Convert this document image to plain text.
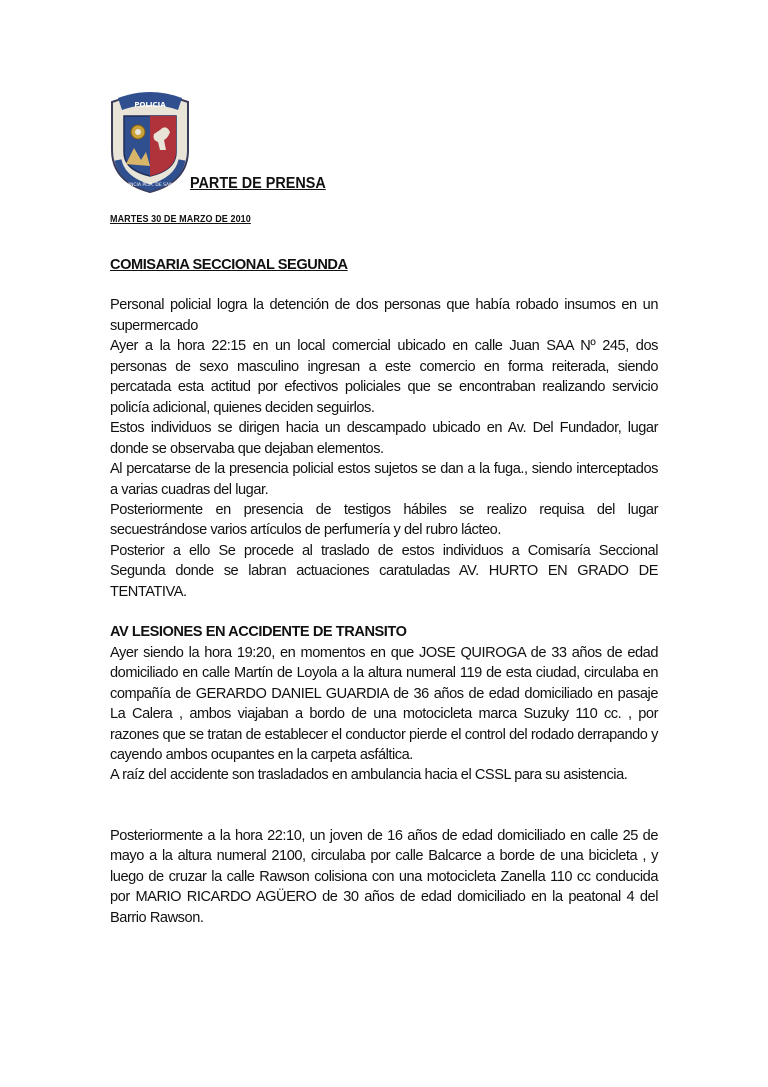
POLICIA
PROVINCIA PCIA. DE SAN LUIS PARTE DE PRENSA

MARTES 30 DE MARZO DE 2010

COMISARIA SECCIONAL SEGUNDA

Personal policial logra la detención de dos personas que había robado insumos en un supermercado

Ayer a la hora 22:15 en un local comercial ubicado en calle Juan SAA Nº 245, dos personas de sexo masculino ingresan a este comercio en forma reiterada, siendo percatada esta actitud por efectivos policiales que se encontraban realizando servicio policía adicional, quienes deciden seguirlos.

Estos individuos se dirigen hacia un descampado ubicado en Av. Del Fundador, lugar donde se observaba que dejaban elementos.

Al percatarse de la presencia policial estos sujetos se dan a la fuga., siendo interceptados a varias cuadras del lugar.

Posteriormente en presencia de testigos hábiles se realizo requisa del lugar secuestrándose varios artículos de perfumería y del rubro lácteo.

Posterior a ello Se procede al traslado de estos individuos a Comisaría Seccional Segunda donde se labran actuaciones caratuladas AV. HURTO EN GRADO DE TENTATIVA.

AV LESIONES EN ACCIDENTE DE TRANSITO

Ayer siendo la hora 19:20, en momentos en que JOSE QUIROGA de 33 años de edad domiciliado en calle Martín de Loyola a la altura numeral 119 de esta ciudad, circulaba en compañía de GERARDO DANIEL GUARDIA de 36 años de edad domiciliado en pasaje La Calera , ambos viajaban a bordo de una motocicleta marca Suzuky 110 cc. , por razones que se tratan de establecer el conductor pierde el control del rodado derrapando y cayendo ambos ocupantes en la carpeta asfáltica.

A raíz del accidente son trasladados en ambulancia hacia el CSSL para su asistencia.

Posteriormente a la hora 22:10, un joven de 16 años de edad domiciliado en calle 25 de mayo a la altura numeral 2100, circulaba por calle Balcarce a borde de una bicicleta , y luego de cruzar la calle Rawson colisiona con una motocicleta Zanella 110 cc conducida por MARIO RICARDO AGÜERO de 30 años de edad domiciliado en la peatonal 4 del Barrio Rawson.
